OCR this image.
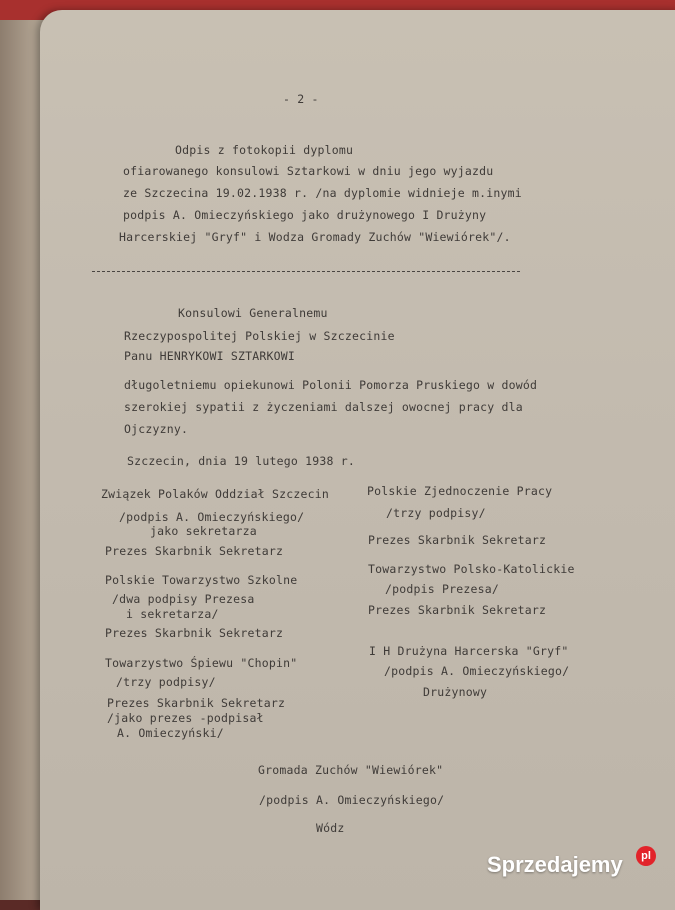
- 2 -
Odpis z fotokopii dyplomu
ofiarowanego konsulowi Sztarkowi w dniu jego wyjazdu
ze Szczecina 19.02.1938 r. /na dyplomie widnieje m.inymi
podpis A. Omieczyńskiego jako drużynowego I Drużyny
Harcerskiej "Gryf" i Wodza Gromady Zuchów "Wiewiórek"/.
Konsulowi Generalnemu
Rzeczypospolitej Polskiej w Szczecinie
Panu HENRYKOWI SZTARKOWI
długoletniemu opiekunowi Polonii Pomorza Pruskiego w dowód
szerokiej sypatii z życzeniami dalszej owocnej pracy dla
Ojczyzny.
Szczecin, dnia 19 lutego 1938 r.
Związek Polaków Oddział Szczecin
/podpis A. Omieczyńskiego/
jako sekretarza
Prezes Skarbnik Sekretarz
Polskie Towarzystwo Szkolne
/dwa podpisy Prezesa
i sekretarza/
Prezes Skarbnik Sekretarz
Towarzystwo Śpiewu "Chopin"
/trzy podpisy/
Prezes Skarbnik Sekretarz
/jako prezes -podpisał
A. Omieczyński/
Polskie Zjednoczenie Pracy
/trzy podpisy/
Prezes Skarbnik Sekretarz
Towarzystwo Polsko-Katolickie
/podpis Prezesa/
Prezes Skarbnik Sekretarz
I H Drużyna Harcerska "Gryf"
/podpis A. Omieczyńskiego/
Drużynowy
Gromada Zuchów "Wiewiórek"
/podpis A. Omieczyńskiego/
Wódz
Sprzedajemy	pl
